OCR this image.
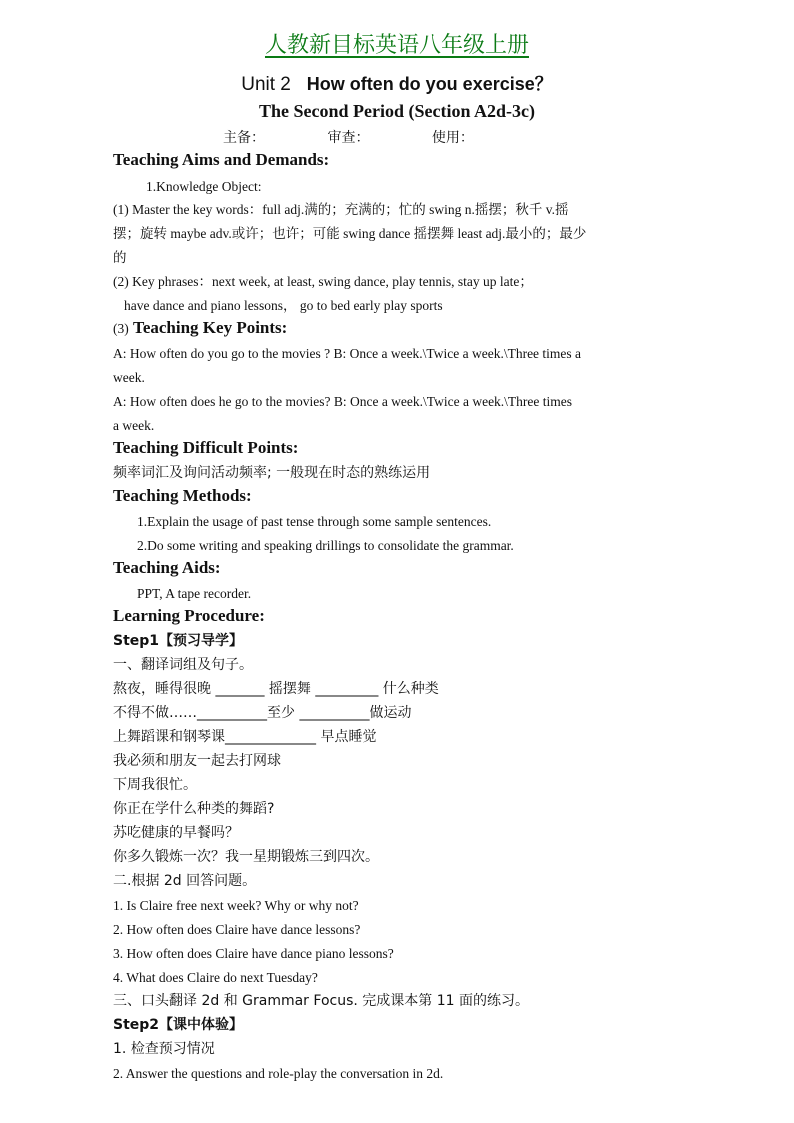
人教新目标英语八年级上册
Unit 2 How often do you exercise？
The Second Period (Section A2d-3c)
主备：	审查：	使用：
Teaching Aims and Demands:
1.Knowledge Object:
(1) Master the key words：full adj.满的；充满的；忙的 swing n.摇摆；秋千 v.摇
摆；旋转 maybe adv.或许；也许；可能 swing dance 摇摆舞 least adj.最小的；最少
的
(2) Key phrases：next week, at least, swing dance, play tennis, stay up late；
have dance and piano lessons， go to bed early play sports
(3) Teaching Key Points:
A: How often do you go to the movies ? B: Once a week.\Twice a week.\Three times a
week.
A: How often does he go to the movies? B: Once a week.\Twice a week.\Three times
a week.
Teaching Difficult Points:
频率词汇及询问活动频率; 一般现在时态的熟练运用
Teaching Methods:
1.Explain the usage of past tense through some sample sentences.
2.Do some writing and speaking drillings to consolidate the grammar.
Teaching Aids:
PPT, A tape recorder.
Learning Procedure:
Step1【预习导学】
一、翻译词组及句子。
熬夜，睡得很晚 _______ 摇摆舞 _________ 什么种类
不得不做……__________至少 __________做运动
上舞蹈课和钢琴课_____________ 早点睡觉
我必须和朋友一起去打网球
下周我很忙。
你正在学什么种类的舞蹈?
苏吃健康的早餐吗？
你多久锻炼一次？我一星期锻炼三到四次。
二.根据 2d 回答问题。
1. Is Claire free next week? Why or why not?
2. How often does Claire have dance lessons?
3. How often does Claire have dance piano lessons?
4. What does Claire do next Tuesday?
三、口头翻译 2d 和 Grammar Focus. 完成课本第 11 面的练习。
Step2【课中体验】
1. 检查预习情况
2. Answer the questions and role-play the conversation in 2d.
